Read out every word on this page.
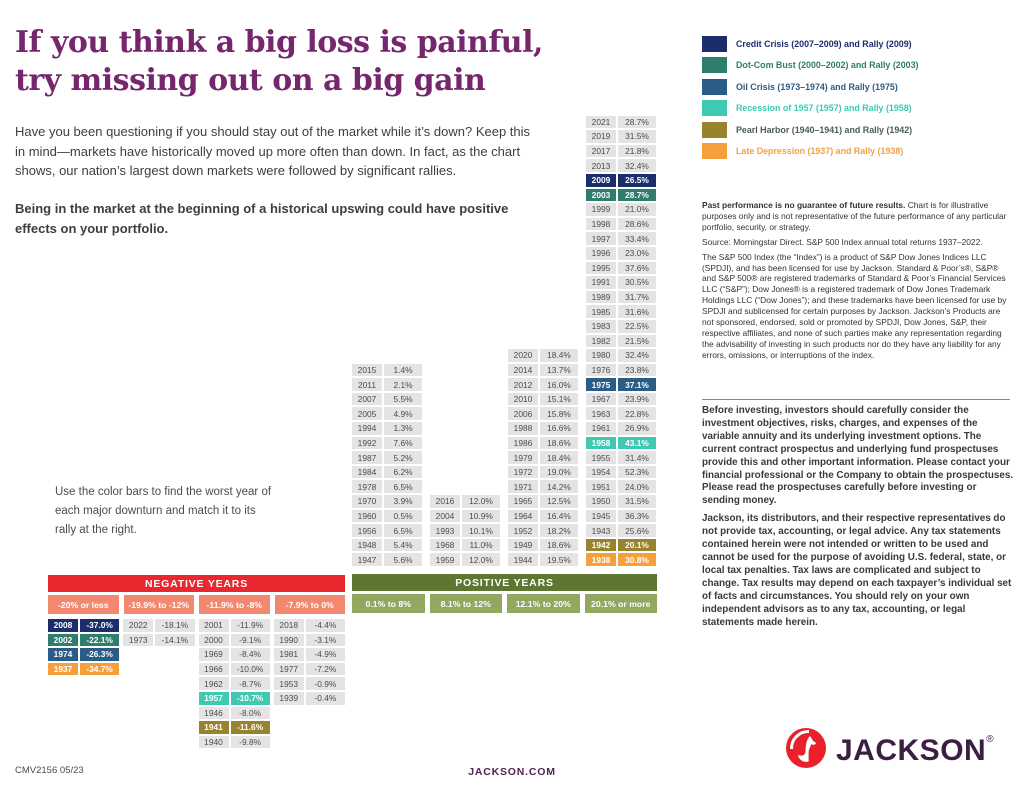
If you think a big loss is painful,
try missing out on a big gain
Have you been questioning if you should stay out of the market while it’s down? Keep this in mind—markets have historically moved up more often than down. In fact, as the chart shows, our nation’s largest down markets were followed by significant rallies.
Being in the market at the beginning of a historical upswing could have positive effects on your portfolio.
Credit Crisis (2007–2009) and Rally (2009)
Dot-Com Bust (2000–2002) and Rally (2003)
Oil Crisis (1973–1974) and Rally (1975)
Recession of 1957 (1957) and Rally (1958)
Pearl Harbor (1940–1941) and Rally (1942)
Late Depression (1937) and Rally (1938)

Past performance is no guarantee of future results. Chart is for illustrative purposes only and is not representative of the future performance of any particular portfolio, security, or strategy.

Source: Morningstar Direct. S&P 500 Index annual total returns 1937–2022.

The S&P 500 Index (the “Index”) is a product of S&P Dow Jones Indices LLC (SPDJI), and has been licensed for use by Jackson. Standard & Poor’s®, S&P® and S&P 500® are registered trademarks of Standard & Poor’s Financial Services LLC (“S&P”); Dow Jones® is a registered trademark of Dow Jones Trademark Holdings LLC (“Dow Jones”); and these trademarks have been licensed for use by SPDJI and sublicensed for certain purposes by Jackson. Jackson’s Products are not sponsored, endorsed, sold or promoted by SPDJI, Dow Jones, S&P, their respective affiliates, and none of such parties make any representation regarding the advisability of investing in such products nor do they have any liability for any errors, omissions, or interruptions of the index.

Before investing, investors should carefully consider the investment objectives, risks, charges, and expenses of the variable annuity and its underlying investment options. The current contract prospectus and underlying fund prospectuses provide this and other important information. Please contact your financial professional or the Company to obtain the prospectuses. Please read the prospectuses carefully before investing or sending money.

Jackson, its distributors, and their respective representatives do not provide tax, accounting, or legal advice. Any tax statements contained herein were not intended or written to be used and cannot be used for the purpose of avoiding U.S. federal, state, or local tax penalties. Tax laws are complicated and subject to change. Tax results may depend on each taxpayer’s individual set of facts and circumstances. You should rely on your own independent advisors as to any tax, accounting, or legal statements made herein.

Use the color bars to find the worst year of each major downturn and match it to its rally at the right.
2015	1.4%
2011	2.1%
2007	5.5%
2005	4.9%
1994	1.3%
1992	7.6%
1987	5.2%
1984	6.2%
1978	6.5%
1970	3.9%
1960	0.5%
1956	6.5%
1948	5.4%
1947	5.6%
2016	12.0%
2004	10.9%
1993	10.1%
1968	11.0%
1959	12.0%
2020	18.4%
2014	13.7%
2012	16.0%
2010	15.1%
2006	15.8%
1988	16.6%
1986	18.6%
1979	18.4%
1972	19.0%
1971	14.2%
1965	12.5%
1964	16.4%
1952	18.2%
1949	18.6%
1944	19.5%
2021	28.7%
2019	31.5%
2017	21.8%
2013	32.4%
2009	26.5%
2003	28.7%
1999	21.0%
1998	28.6%
1997	33.4%
1996	23.0%
1995	37.6%
1991	30.5%
1989	31.7%
1985	31.6%
1983	22.5%
1982	21.5%
1980	32.4%
1976	23.8%
1975	37.1%
1967	23.9%
1963	22.8%
1961	26.9%
1958	43.1%
1955	31.4%
1954	52.3%
1951	24.0%
1950	31.5%
1945	36.3%
1943	25.6%
1942	20.1%
1938	30.8%
POSITIVE YEARS
0.1% to 8%	8.1% to 12%	12.1% to 20%	20.1% or more
NEGATIVE YEARS
-20% or less	-19.9% to -12%	-11.9% to -8%	-7.9% to 0%
2008	-37.0%
2002	-22.1%
1974	-26.3%
1937	-34.7%
2022	-18.1%
1973	-14.1%
2001	-11.9%
2000	-9.1%
1969	-8.4%
1966	-10.0%
1962	-8.7%
1957	-10.7%
1946	-8.0%
1941	-11.6%
1940	-9.8%
2018	-4.4%
1990	-3.1%
1981	-4.9%
1977	-7.2%
1953	-0.9%
1939	-0.4%
CMV2156 05/23	JACKSON.COM
JACKSON®
